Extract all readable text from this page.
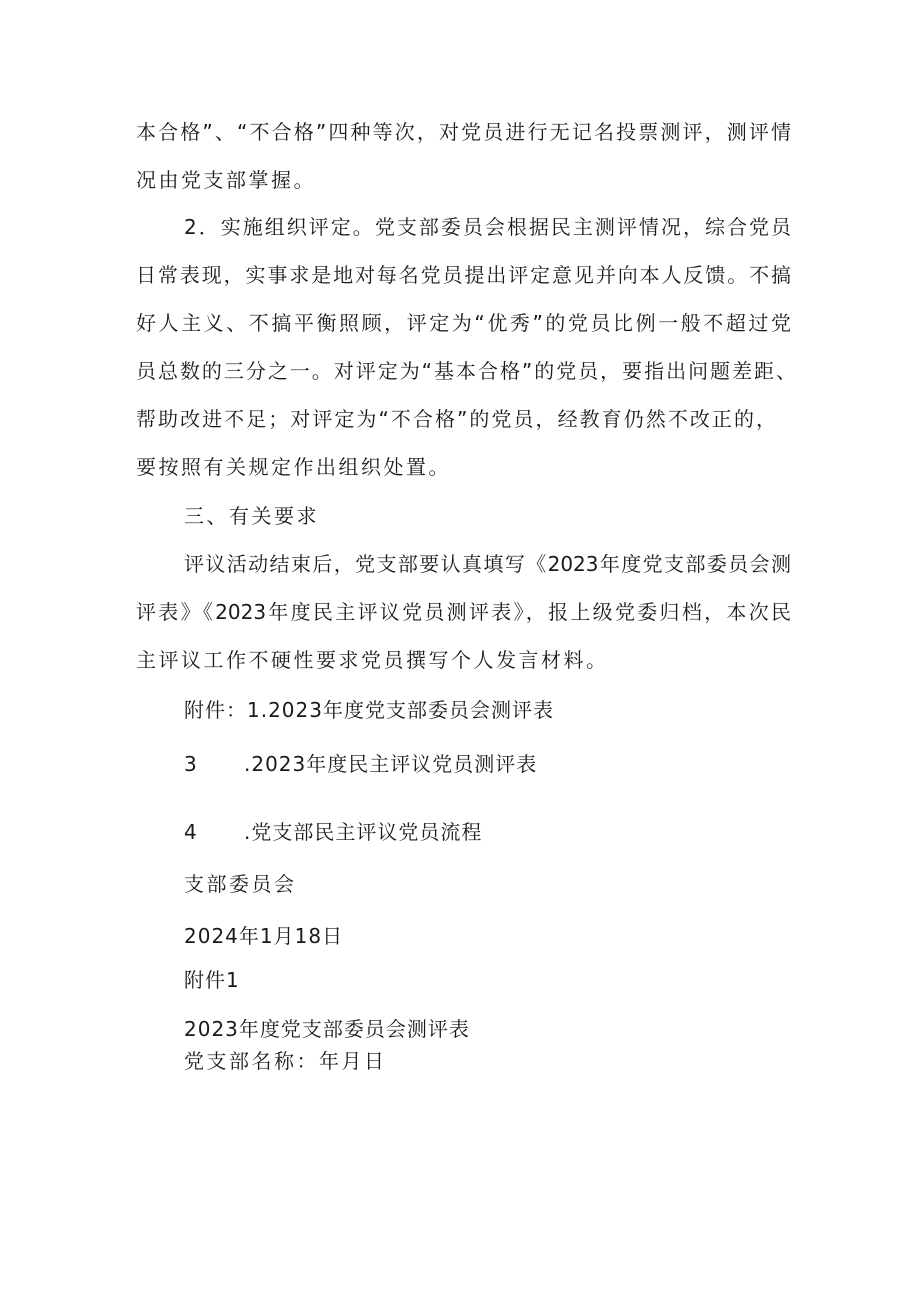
本合格”、“不合格”四种等次，对党员进行无记名投票测评，测评情
况由党支部掌握。
2．实施组织评定。党支部委员会根据民主测评情况，综合党员
日常表现，实事求是地对每名党员提出评定意见并向本人反馈。不搞
好人主义、不搞平衡照顾，评定为“优秀”的党员比例一般不超过党
员总数的三分之一。对评定为“基本合格”的党员，要指出问题差距、
帮助改进不足；对评定为“不合格”的党员，经教育仍然不改正的，
要按照有关规定作出组织处置。
三、有关要求
评议活动结束后，党支部要认真填写《2023年度党支部委员会测
评表》《2023年度民主评议党员测评表》，报上级党委归档，本次民
主评议工作不硬性要求党员撰写个人发言材料。
附件：1.2023年度党支部委员会测评表
3 .2023年度民主评议党员测评表
4 .党支部民主评议党员流程
支部委员会
2024年1月18日
附件1
2023年度党支部委员会测评表
党支部名称：年月日
